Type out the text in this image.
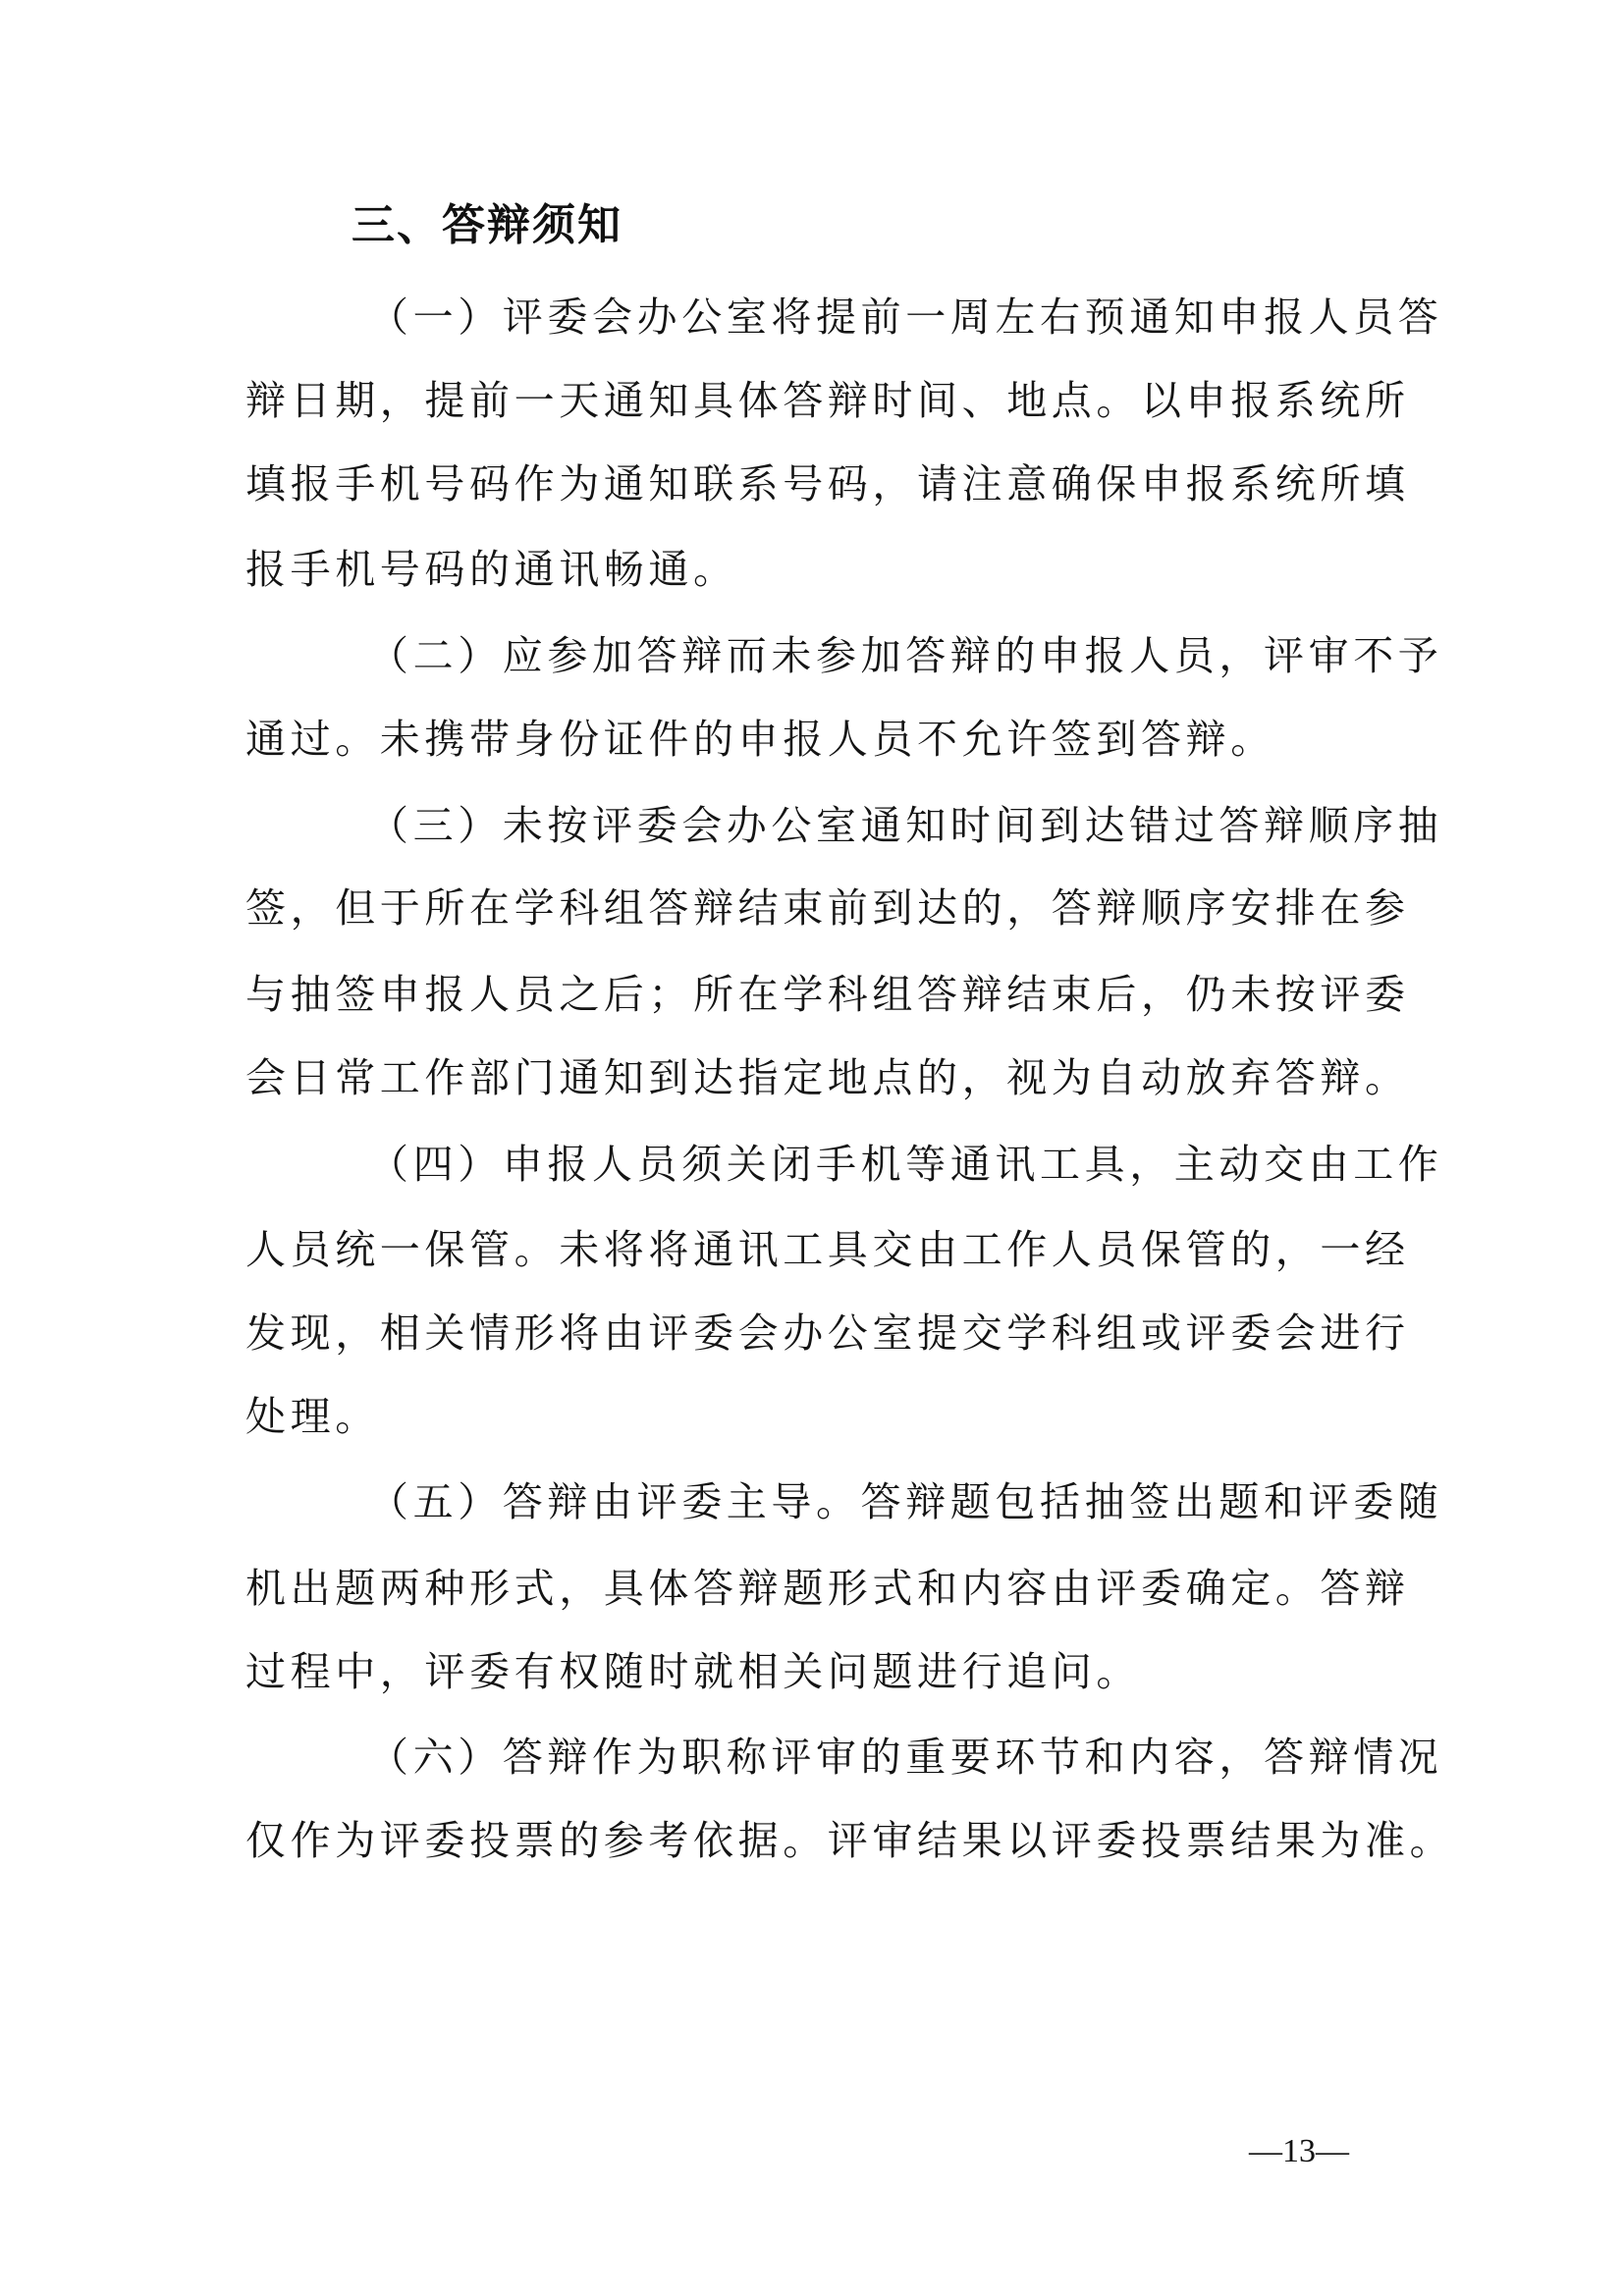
三、答辩须知
（一）评委会办公室将提前一周左右预通知申报人员答
辩日期，提前一天通知具体答辩时间、地点。以申报系统所
填报手机号码作为通知联系号码，请注意确保申报系统所填
报手机号码的通讯畅通。
（二）应参加答辩而未参加答辩的申报人员，评审不予
通过。未携带身份证件的申报人员不允许签到答辩。
（三）未按评委会办公室通知时间到达错过答辩顺序抽
签，但于所在学科组答辩结束前到达的，答辩顺序安排在参
与抽签申报人员之后；所在学科组答辩结束后，仍未按评委
会日常工作部门通知到达指定地点的，视为自动放弃答辩。
（四）申报人员须关闭手机等通讯工具，主动交由工作
人员统一保管。未将将通讯工具交由工作人员保管的，一经
发现，相关情形将由评委会办公室提交学科组或评委会进行
处理。
（五）答辩由评委主导。答辩题包括抽签出题和评委随
机出题两种形式，具体答辩题形式和内容由评委确定。答辩
过程中，评委有权随时就相关问题进行追问。
（六）答辩作为职称评审的重要环节和内容，答辩情况
仅作为评委投票的参考依据。评审结果以评委投票结果为准。
—13—
